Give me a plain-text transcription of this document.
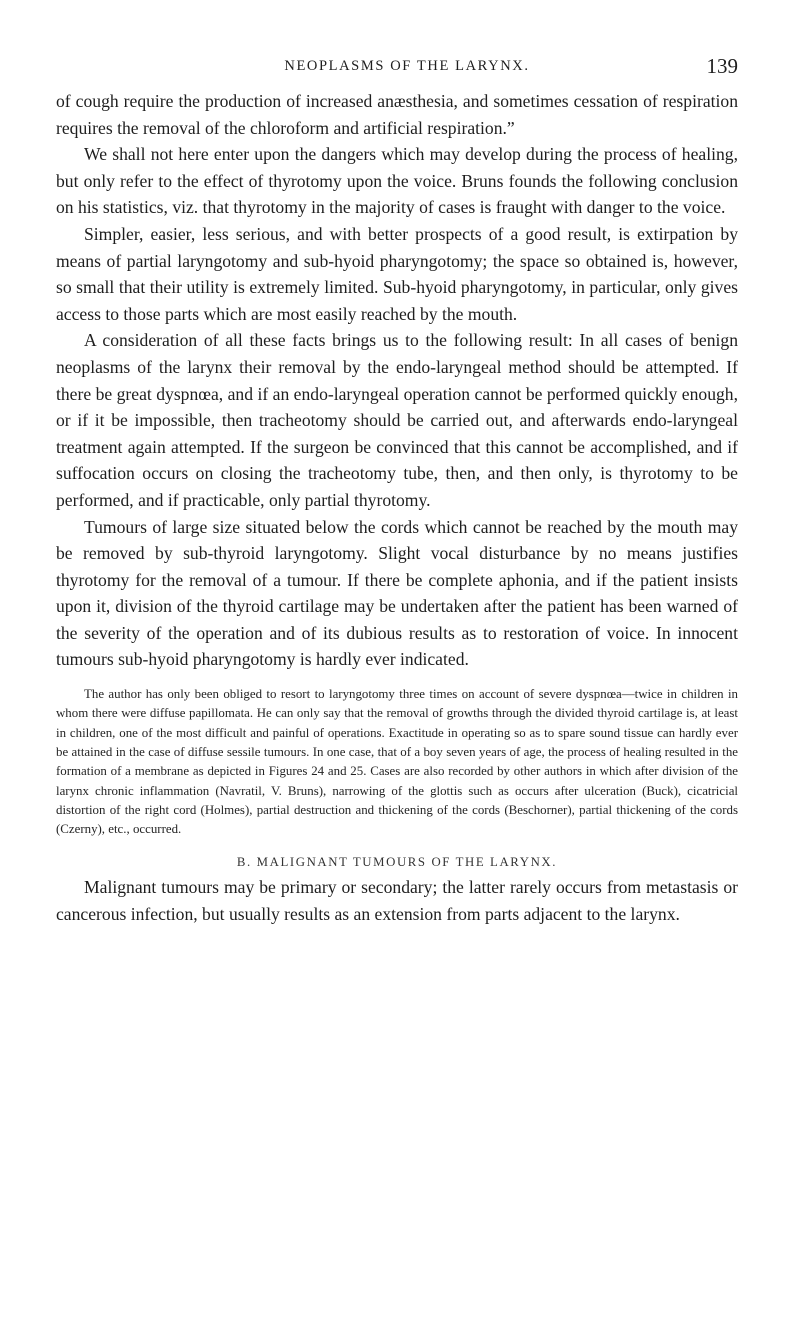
NEOPLASMS OF THE LARYNX.	139

of cough require the production of increased anæsthesia, and sometimes cessation of respiration requires the removal of the chloroform and artificial respiration.”

We shall not here enter upon the dangers which may develop during the process of healing, but only refer to the effect of thyrotomy upon the voice. Bruns founds the following conclusion on his statistics, viz. that thyrotomy in the majority of cases is fraught with danger to the voice.

Simpler, easier, less serious, and with better prospects of a good result, is extirpation by means of partial laryngotomy and sub-hyoid pharyngotomy; the space so obtained is, however, so small that their utility is extremely limited. Sub-hyoid pharyngotomy, in particular, only gives access to those parts which are most easily reached by the mouth.

A consideration of all these facts brings us to the following result: In all cases of benign neoplasms of the larynx their removal by the endo-laryngeal method should be attempted. If there be great dyspnœa, and if an endo-laryngeal operation cannot be performed quickly enough, or if it be impossible, then tracheotomy should be carried out, and afterwards endo-laryngeal treatment again attempted. If the surgeon be convinced that this cannot be accomplished, and if suffocation occurs on closing the tracheotomy tube, then, and then only, is thyrotomy to be performed, and if practicable, only partial thyrotomy.

Tumours of large size situated below the cords which cannot be reached by the mouth may be removed by sub-thyroid laryngotomy. Slight vocal disturbance by no means justifies thyrotomy for the removal of a tumour. If there be complete aphonia, and if the patient insists upon it, division of the thyroid cartilage may be undertaken after the patient has been warned of the severity of the operation and of its dubious results as to restoration of voice. In innocent tumours sub-hyoid pharyngotomy is hardly ever indicated.

The author has only been obliged to resort to laryngotomy three times on account of severe dyspnœa—twice in children in whom there were diffuse papillomata. He can only say that the removal of growths through the divided thyroid cartilage is, at least in children, one of the most difficult and painful of operations. Exactitude in operating so as to spare sound tissue can hardly ever be attained in the case of diffuse sessile tumours. In one case, that of a boy seven years of age, the process of healing resulted in the formation of a membrane as depicted in Figures 24 and 25. Cases are also recorded by other authors in which after division of the larynx chronic inflammation (Navratil, V. Bruns), narrowing of the glottis such as occurs after ulceration (Buck), cicatricial distortion of the right cord (Holmes), partial destruction and thickening of the cords (Beschorner), partial thickening of the cords (Czerny), etc., occurred.
B. MALIGNANT TUMOURS OF THE LARYNX.

Malignant tumours may be primary or secondary; the latter rarely occurs from metastasis or cancerous infection, but usually results as an extension from parts adjacent to the larynx.
